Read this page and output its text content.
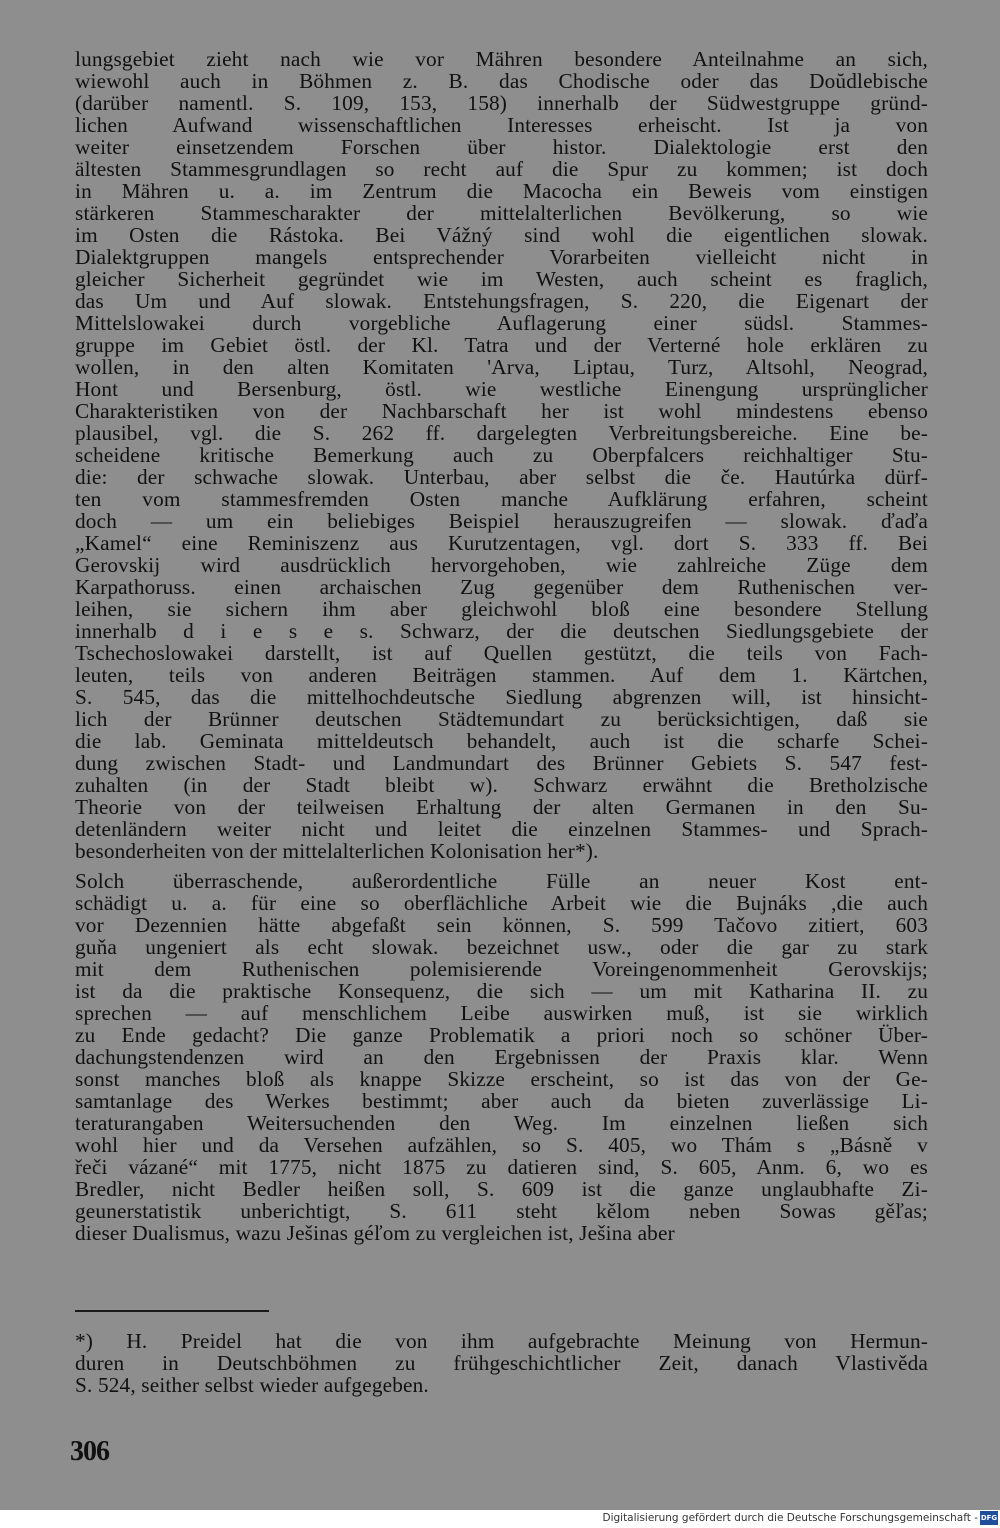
lungsgebiet zieht nach wie vor Mähren besondere Anteilnahme an sich,
wiewohl auch in Böhmen z. B. das Chodische oder das Doŭdlebische
(darüber namentl. S. 109, 153, 158) innerhalb der Südwestgruppe gründ-
lichen Aufwand wissenschaftlichen Interesses erheischt. Ist ja von
weiter einsetzendem Forschen über histor. Dialektologie erst den
ältesten Stammesgrundlagen so recht auf die Spur zu kommen; ist doch
in Mähren u. a. im Zentrum die Macocha ein Beweis vom einstigen
stärkeren Stammescharakter der mittelalterlichen Bevölkerung, so wie
im Osten die Rástoka. Bei Vážný sind wohl die eigentlichen slowak.
Dialektgruppen mangels entsprechender Vorarbeiten vielleicht nicht in
gleicher Sicherheit gegründet wie im Westen, auch scheint es fraglich,
das Um und Auf slowak. Entstehungsfragen, S. 220, die Eigenart der
Mittelslowakei durch vorgebliche Auflagerung einer südsl. Stammes-
gruppe im Gebiet östl. der Kl. Tatra und der Verterné hole erklären zu
wollen, in den alten Komitaten 'Arva, Liptau, Turz, Altsohl, Neograd,
Hont und Bersenburg, östl. wie westliche Einengung ursprünglicher
Charakteristiken von der Nachbarschaft her ist wohl mindestens ebenso
plausibel, vgl. die S. 262 ff. dargelegten Verbreitungsbereiche. Eine be-
scheidene kritische Bemerkung auch zu Oberpfalcers reichhaltiger Stu-
die: der schwache slowak. Unterbau, aber selbst die če. Hautúrka dürf-
ten vom stammesfremden Osten manche Aufklärung erfahren, scheint
doch — um ein beliebiges Beispiel herauszugreifen — slowak. ďaďa
„Kamel“ eine Reminiszenz aus Kurutzentagen, vgl. dort S. 333 ff. Bei
Gerovskij wird ausdrücklich hervorgehoben, wie zahlreiche Züge dem
Karpathoruss. einen archaischen Zug gegenüber dem Ruthenischen ver-
leihen, sie sichern ihm aber gleichwohl bloß eine besondere Stellung
innerhalb d i e s e s. Schwarz, der die deutschen Siedlungsgebiete der
Tschechoslowakei darstellt, ist auf Quellen gestützt, die teils von Fach-
leuten, teils von anderen Beiträgen stammen. Auf dem 1. Kärtchen,
S. 545, das die mittelhochdeutsche Siedlung abgrenzen will, ist hinsicht-
lich der Brünner deutschen Städtemundart zu berücksichtigen, daß sie
die lab. Geminata mitteldeutsch behandelt, auch ist die scharfe Schei-
dung zwischen Stadt- und Landmundart des Brünner Gebiets S. 547 fest-
zuhalten (in der Stadt bleibt w). Schwarz erwähnt die Bretholzische
Theorie von der teilweisen Erhaltung der alten Germanen in den Su-
detenländern weiter nicht und leitet die einzelnen Stammes- und Sprach-
besonderheiten von der mittelalterlichen Kolonisation her*).
Solch überraschende, außerordentliche Fülle an neuer Kost ent-
schädigt u. a. für eine so oberflächliche Arbeit wie die Bujnáks ,die auch
vor Dezennien hätte abgefaßt sein können, S. 599 Tačovo zitiert, 603
guňa ungeniert als echt slowak. bezeichnet usw., oder die gar zu stark
mit dem Ruthenischen polemisierende Voreingenommenheit Gerovskijs;
ist da die praktische Konsequenz, die sich — um mit Katharina II. zu
sprechen — auf menschlichem Leibe auswirken muß, ist sie wirklich
zu Ende gedacht? Die ganze Problematik a priori noch so schöner Über-
dachungstendenzen wird an den Ergebnissen der Praxis klar. Wenn
sonst manches bloß als knappe Skizze erscheint, so ist das von der Ge-
samtanlage des Werkes bestimmt; aber auch da bieten zuverlässige Li-
teraturangaben Weitersuchenden den Weg. Im einzelnen ließen sich
wohl hier und da Versehen aufzählen, so S. 405, wo Thám s „Básně v
řeči vázané“ mit 1775, nicht 1875 zu datieren sind, S. 605, Anm. 6, wo es
Bredler, nicht Bedler heißen soll, S. 609 ist die ganze unglaubhafte Zi-
geunerstatistik unberichtigt, S. 611 steht kělom neben Sowas gěľas;
dieser Dualismus, wazu Ješinas géľom zu vergleichen ist, Ješina aber
*) H. Preidel hat die von ihm aufgebrachte Meinung von Hermun-
duren in Deutschböhmen zu frühgeschichtlicher Zeit, danach Vlastivěda
S. 524, seither selbst wieder aufgegeben.
306
Digitalisierung gefördert durch die Deutsche Forschungsgemeinschaft - DFG
